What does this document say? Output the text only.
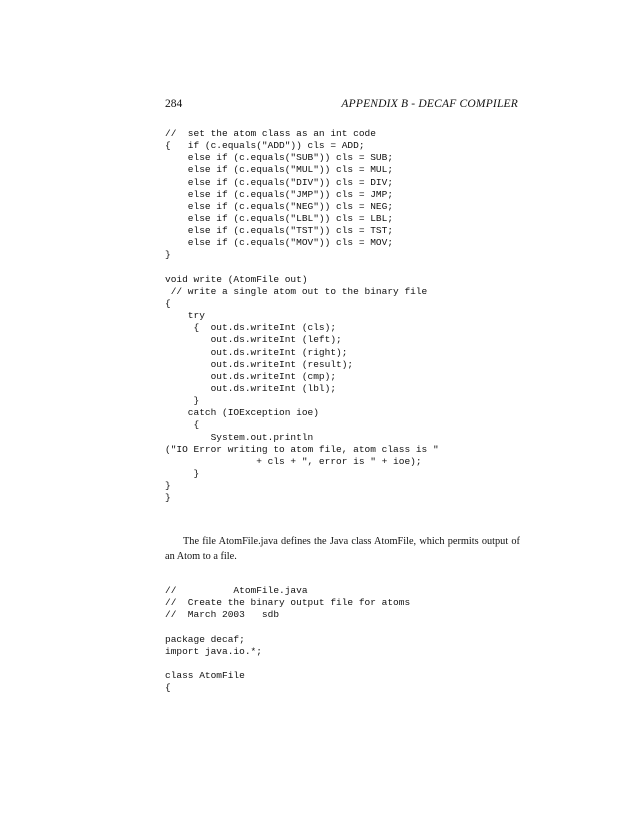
284	APPENDIX B - DECAF COMPILER
//  set the atom class as an int code
{   if (c.equals("ADD")) cls = ADD;
else if (c.equals("SUB")) cls = SUB;
else if (c.equals("MUL")) cls = MUL;
else if (c.equals("DIV")) cls = DIV;
else if (c.equals("JMP")) cls = JMP;
else if (c.equals("NEG")) cls = NEG;
else if (c.equals("LBL")) cls = LBL;
else if (c.equals("TST")) cls = TST;
else if (c.equals("MOV")) cls = MOV;
}

void write (AtomFile out)
// write a single atom out to the binary file
{
try
{  out.ds.writeInt (cls);
out.ds.writeInt (left);
out.ds.writeInt (right);
out.ds.writeInt (result);
out.ds.writeInt (cmp);
out.ds.writeInt (lbl);
}
catch (IOException ioe)
{
System.out.println
("IO Error writing to atom file, atom class is "
+ cls + ", error is " + ioe);
}
}
}

The file AtomFile.java defines the Java class AtomFile, which permits output of an Atom to a file.

//          AtomFile.java
//  Create the binary output file for atoms
//  March 2003   sdb

package decaf;
import java.io.*;

class AtomFile
{
